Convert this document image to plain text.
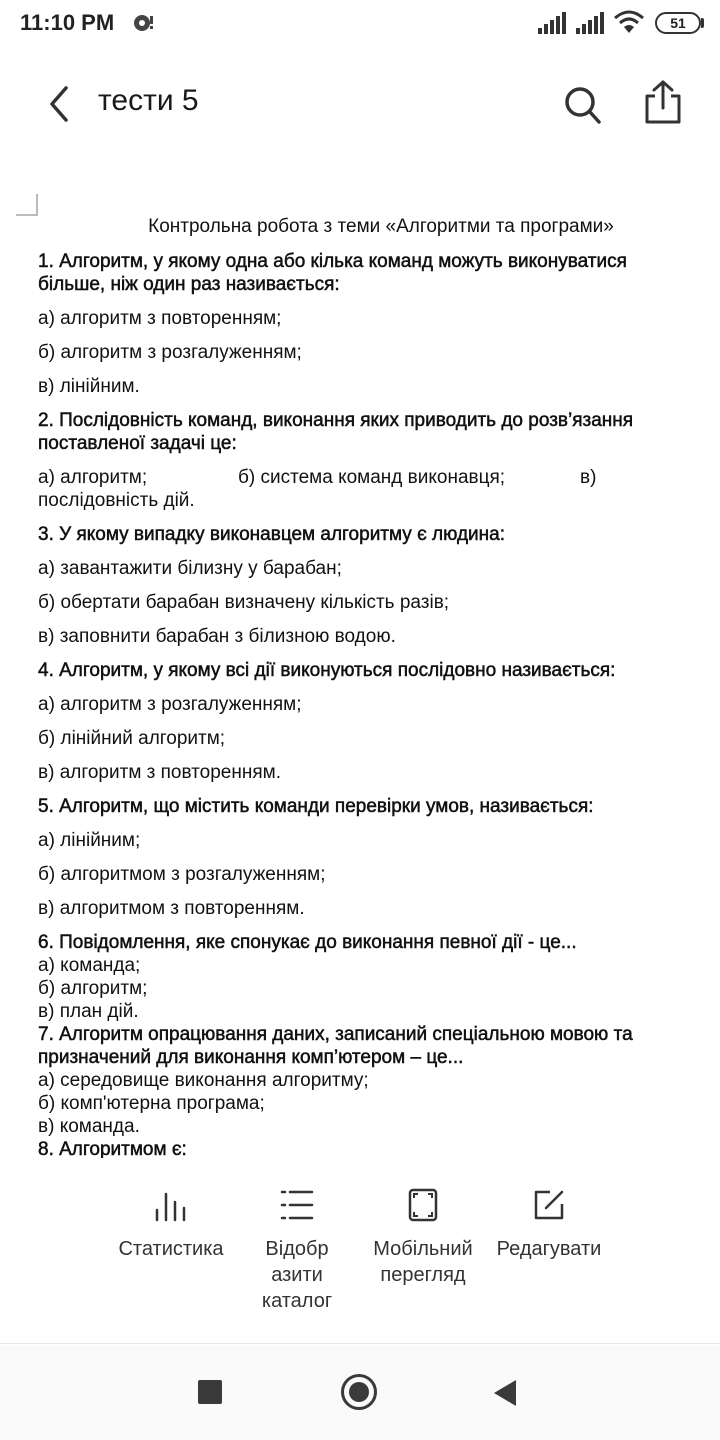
11:10 PM	51
тести 5
Контрольна робота з теми «Алгоритми та програми»
1. Алгоритм, у якому одна або кілька команд можуть виконуватися більше, ніж один раз називається:
а) алгоритм з повторенням;
б) алгоритм з розгалуженням;
в) лінійним.
2. Послідовність команд, виконання яких приводить до розв’язання поставленої задачі це:
а) алгоритм;	б) система команд виконавця;	в)
послідовність дій.
3. У якому випадку виконавцем алгоритму є людина:
а) завантажити білизну у барабан;
б) обертати барабан визначену кількість разів;
в) заповнити барабан з білизною водою.
4. Алгоритм, у якому всі дії виконуються послідовно називається:
а) алгоритм з розгалуженням;
б) лінійний алгоритм;
в) алгоритм з повторенням.
5. Алгоритм, що містить команди перевірки умов, називається:
а) лінійним;
б) алгоритмом з розгалуженням;
в) алгоритмом з повторенням.
6. Повідомлення, яке спонукає до виконання певної дії - це...
а) команда;
б) алгоритм;
в) план дій.
7. Алгоритм опрацювання даних, записаний спеціальною мовою та призначений для виконання комп’ютером – це...
а) середовище виконання алгоритму;
б) комп'ютерна програма;
в) команда.
8. Алгоритмом є:
Статистика	Відобр
азити
каталог
Мобільний
перегляд
Редагувати
